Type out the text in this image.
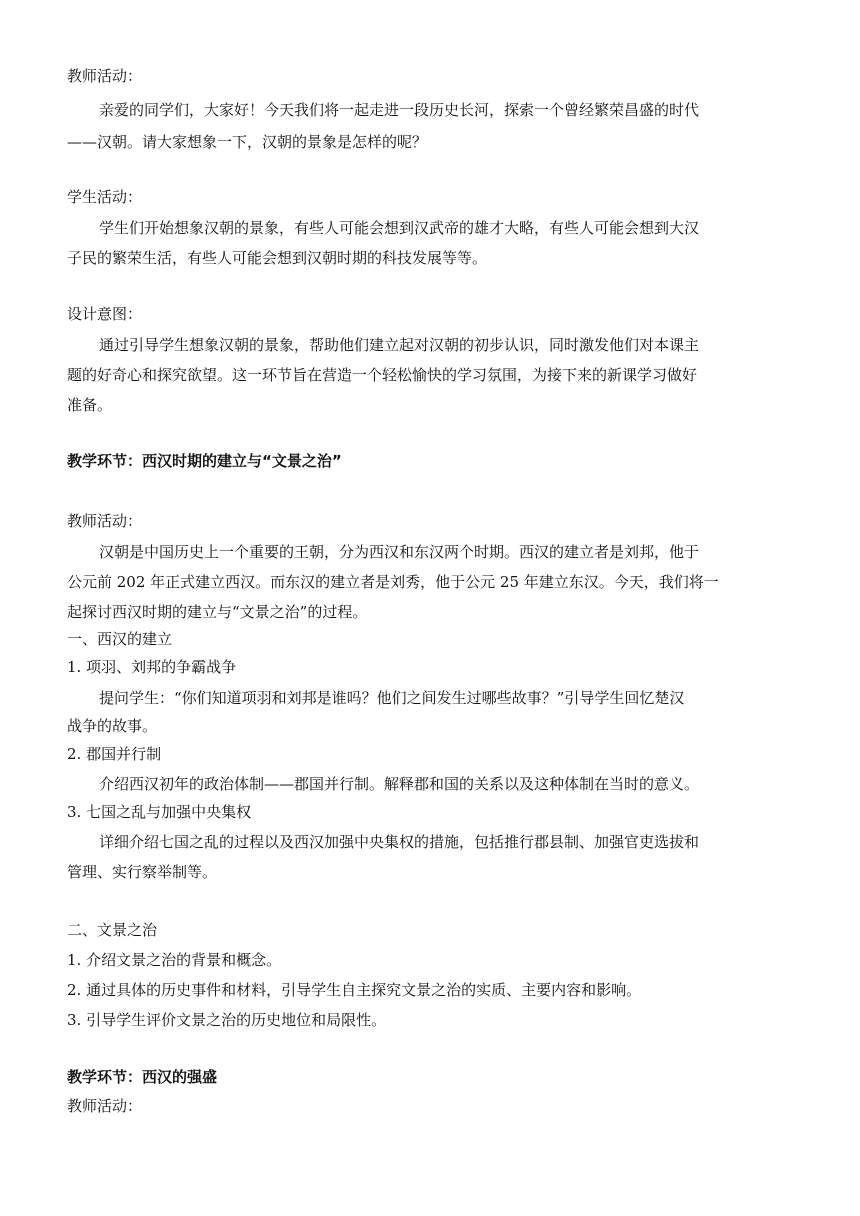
教师活动：
亲爱的同学们，大家好！今天我们将一起走进一段历史长河，探索一个曾经繁荣昌盛的时代
——汉朝。请大家想象一下，汉朝的景象是怎样的呢？
学生活动：
学生们开始想象汉朝的景象，有些人可能会想到汉武帝的雄才大略，有些人可能会想到大汉
子民的繁荣生活，有些人可能会想到汉朝时期的科技发展等等。
设计意图：
通过引导学生想象汉朝的景象，帮助他们建立起对汉朝的初步认识，同时激发他们对本课主
题的好奇心和探究欲望。这一环节旨在营造一个轻松愉快的学习氛围，为接下来的新课学习做好
准备。
教学环节：西汉时期的建立与“文景之治”
教师活动：
汉朝是中国历史上一个重要的王朝，分为西汉和东汉两个时期。西汉的建立者是刘邦，他于
公元前 202 年正式建立西汉。而东汉的建立者是刘秀，他于公元 25 年建立东汉。今天，我们将一
起探讨西汉时期的建立与“文景之治”的过程。
一、西汉的建立
1. 项羽、刘邦的争霸战争
提问学生：“你们知道项羽和刘邦是谁吗？他们之间发生过哪些故事？”引导学生回忆楚汉
战争的故事。
2. 郡国并行制
介绍西汉初年的政治体制——郡国并行制。解释郡和国的关系以及这种体制在当时的意义。
3. 七国之乱与加强中央集权
详细介绍七国之乱的过程以及西汉加强中央集权的措施，包括推行郡县制、加强官吏选拔和
管理、实行察举制等。
二、文景之治
1. 介绍文景之治的背景和概念。
2. 通过具体的历史事件和材料，引导学生自主探究文景之治的实质、主要内容和影响。
3. 引导学生评价文景之治的历史地位和局限性。
教学环节：西汉的强盛
教师活动：
